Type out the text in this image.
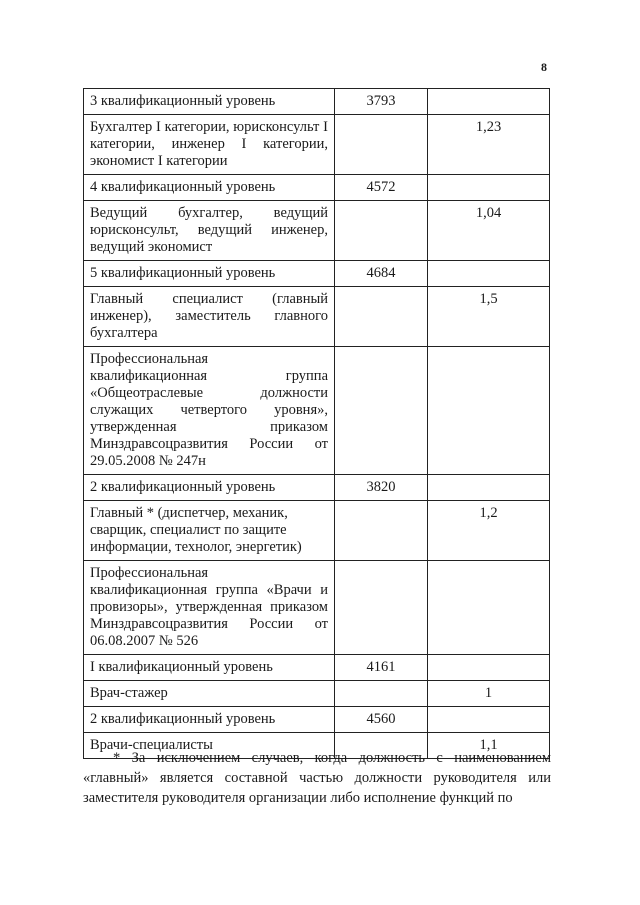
8
3 квалификационный уровень	3793	
Бухгалтер I категории, юрисконсульт I категории, инженер I категории, экономист I категории		1,23
4 квалификационный уровень	4572	
Ведущий бухгалтер, ведущий юрисконсульт, ведущий инженер, ведущий экономист		1,04
5 квалификационный уровень	4684	
Главный специалист (главный инженер), заместитель главного бухгалтера		1,5
Профессиональная квалификационная группа «Общеотраслевые должности служащих четвертого уровня», утвержденная приказом Минздравсоцразвития России от 29.05.2008 № 247н		
2 квалификационный уровень	3820	
Главный * (диспетчер, механик, сварщик, специалист по защите информации, технолог, энергетик)		1,2
Профессиональная квалификационная группа «Врачи и провизоры», утвержденная приказом Минздравсоцразвития России от 06.08.2007 № 526		
I квалификационный уровень	4161	
Врач-стажер		1
2 квалификационный уровень	4560	
Врачи-специалисты		1,1
* За исключением случаев, когда должность с наименованием «главный» является составной частью должности руководителя или заместителя руководителя организации либо исполнение функций по
